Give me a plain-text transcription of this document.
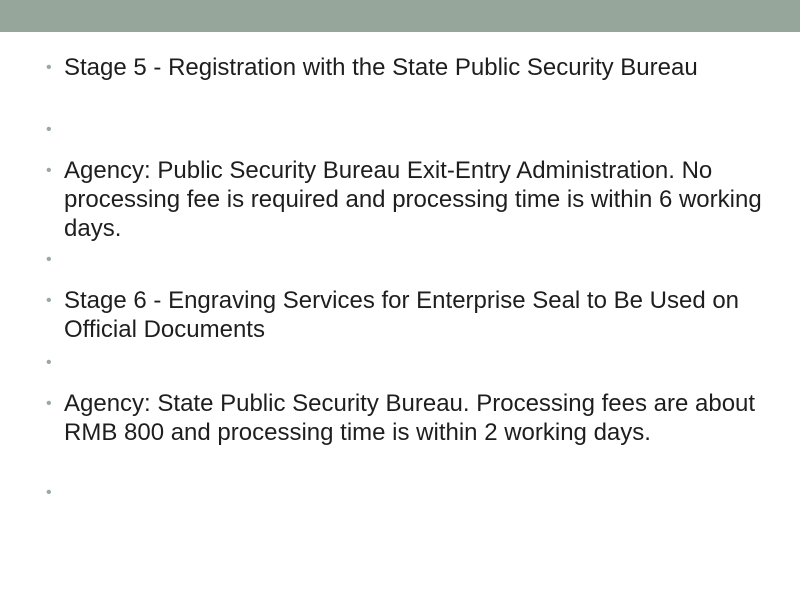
• Stage 5 - Registration with the State Public Security Bureau
•
• Agency: Public Security Bureau Exit-Entry Administration. No processing fee is required and processing time is within 6 working days.
•
• Stage 6 - Engraving Services for Enterprise Seal to Be Used on Official Documents
•
• Agency: State Public Security Bureau. Processing fees are about RMB 800 and processing time is within 2 working days.
•
